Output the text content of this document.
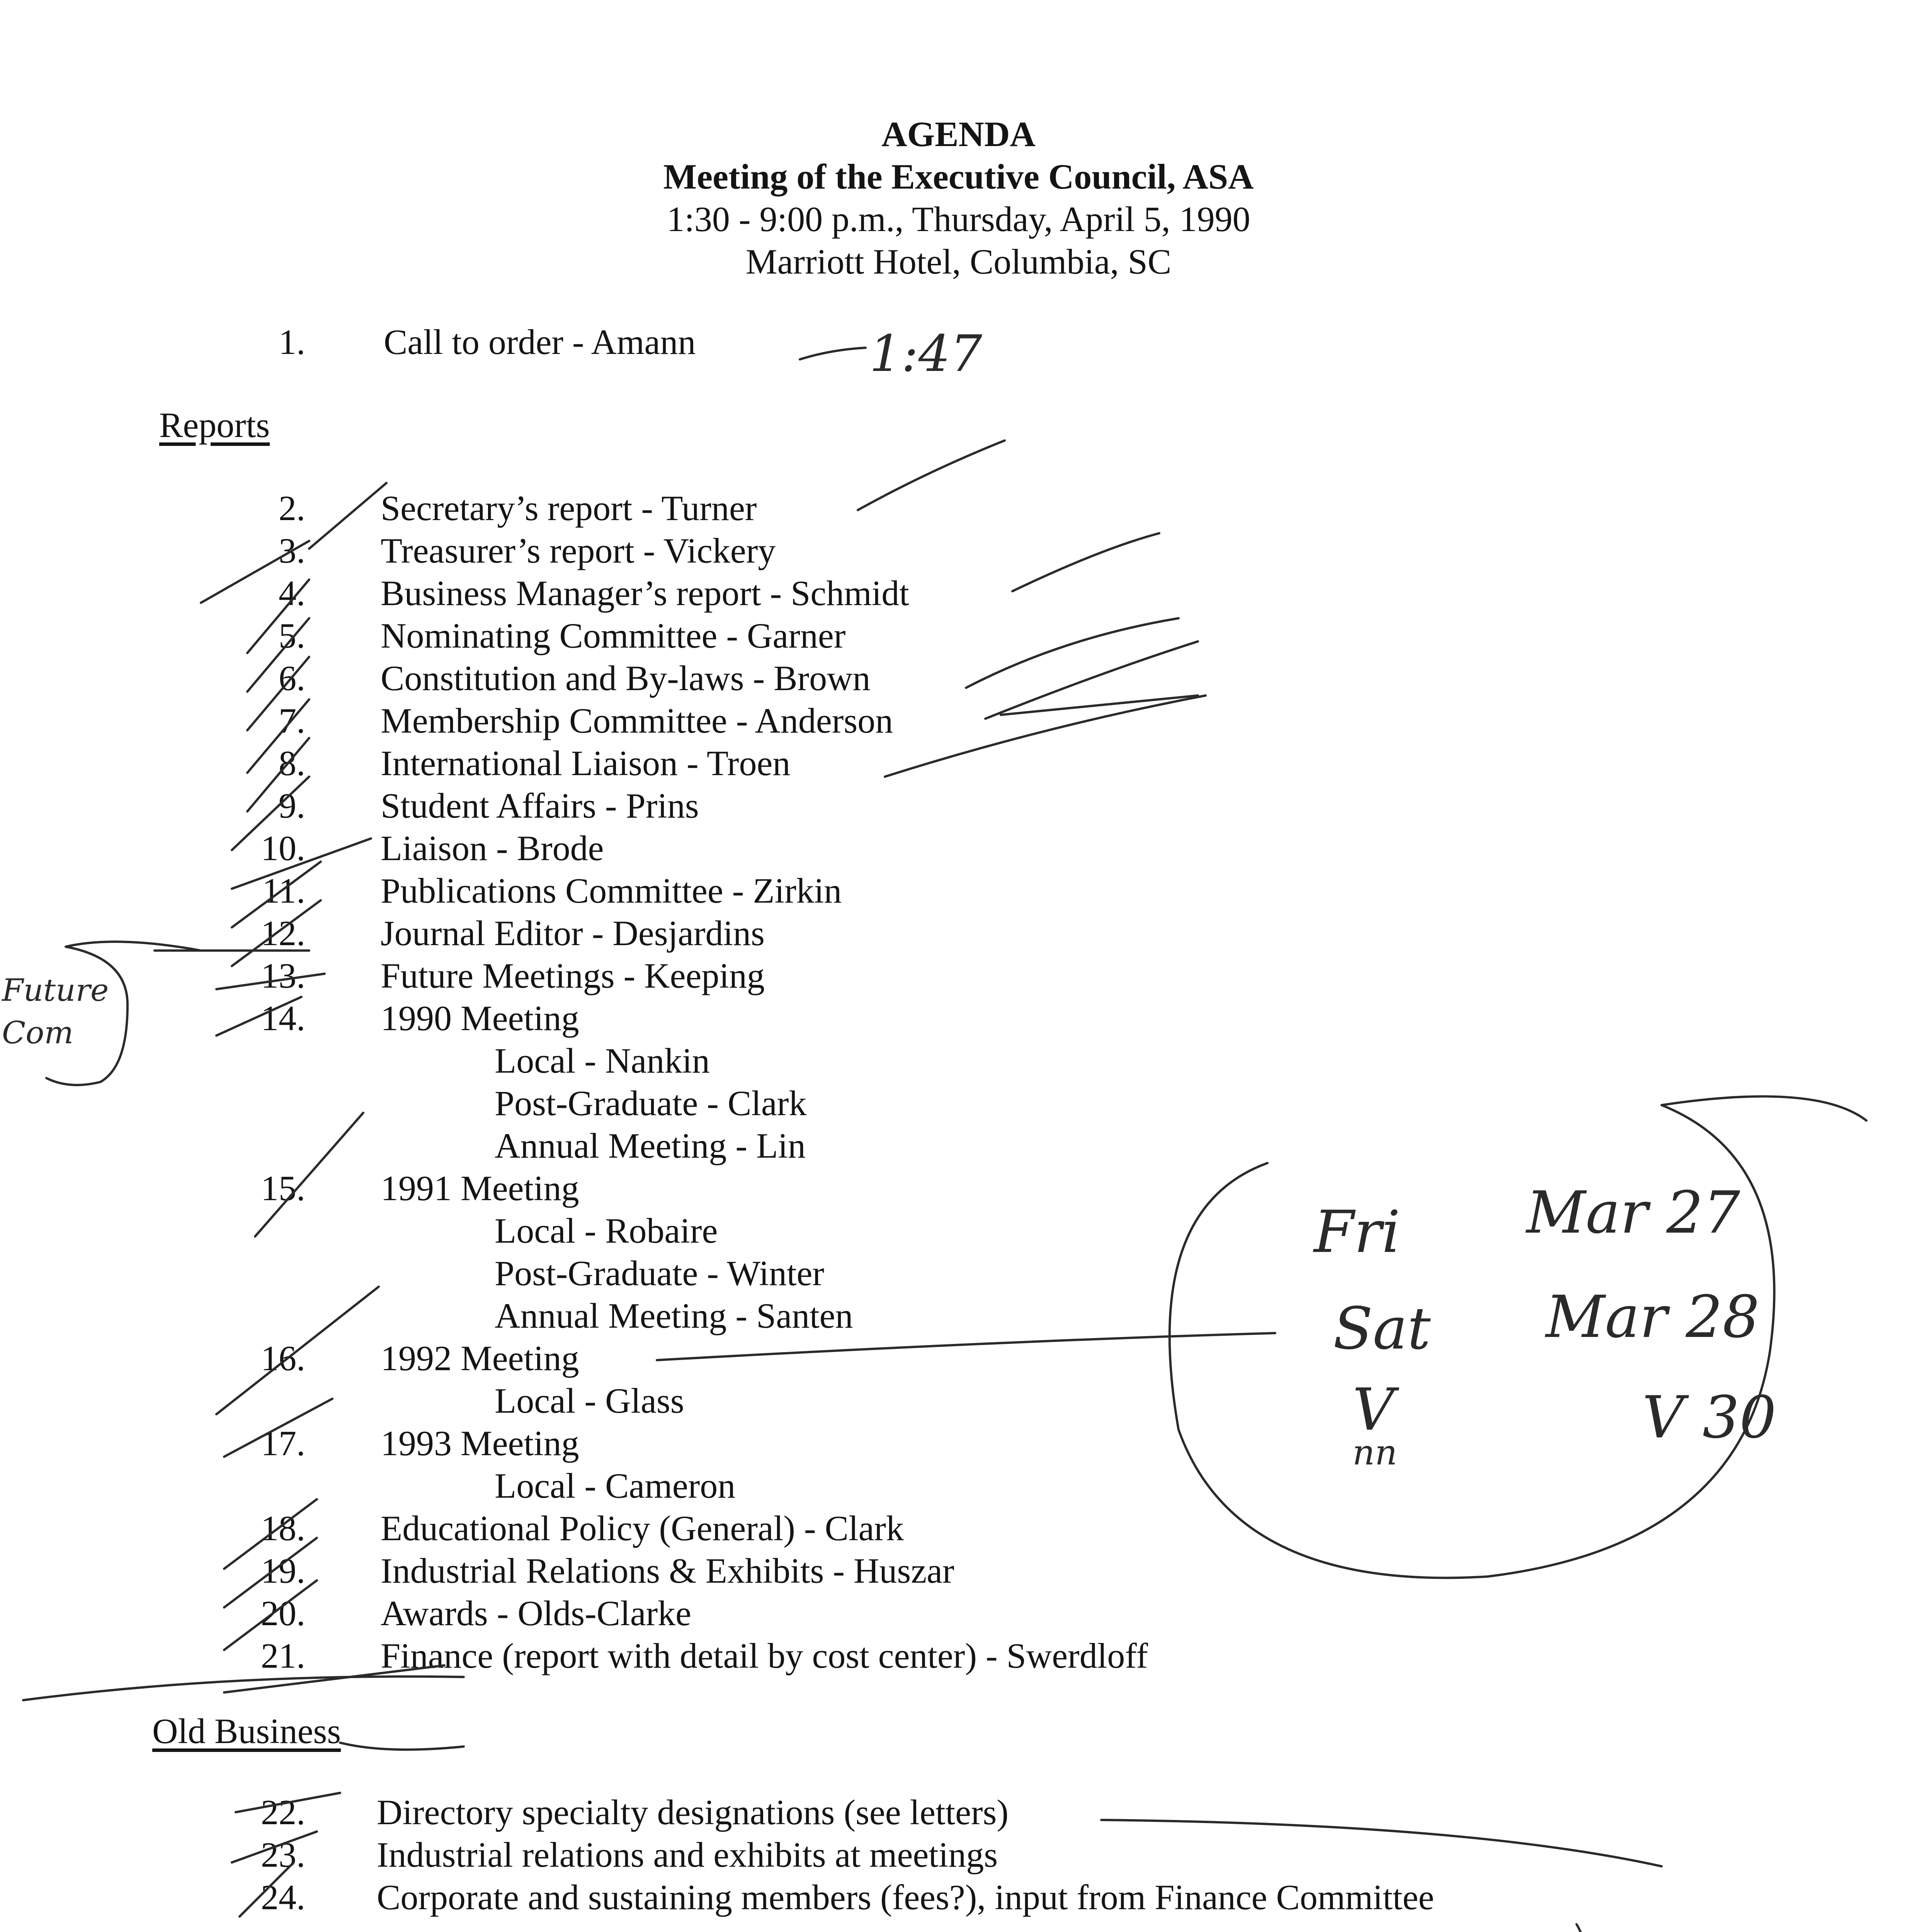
AGENDA
Meeting of the Executive Council, ASA
1:30 - 9:00 p.m., Thursday, April 5, 1990
Marriott Hotel, Columbia, SC
1. Call to order - Amann
Reports
2. Secretary’s report - Turner
3. Treasurer’s report - Vickery
4. Business Manager’s report - Schmidt
5. Nominating Committee - Garner
6. Constitution and By-laws - Brown
7. Membership Committee - Anderson
8. International Liaison - Troen
9. Student Affairs - Prins
10. Liaison - Brode
11. Publications Committee - Zirkin
12. Journal Editor - Desjardins
13. Future Meetings - Keeping
14. 1990 Meeting
Local - Nankin
Post-Graduate - Clark
Annual Meeting - Lin
15. 1991 Meeting
Local - Robaire
Post-Graduate - Winter
Annual Meeting - Santen
16. 1992 Meeting
Local - Glass
17. 1993 Meeting
Local - Cameron
18. Educational Policy (General) - Clark
19. Industrial Relations & Exhibits - Huszar
20. Awards - Olds-Clarke
21. Finance (report with detail by cost center) - Swerdloff
Old Business
22. Directory specialty designations (see letters)
23. Industrial relations and exhibits at meetings
24. Corporate and sustaining members (fees?), input from Finance Committee
1:47
Future
Com
Fri Mar 27
Sat Mar 28
V	V 30
nn
